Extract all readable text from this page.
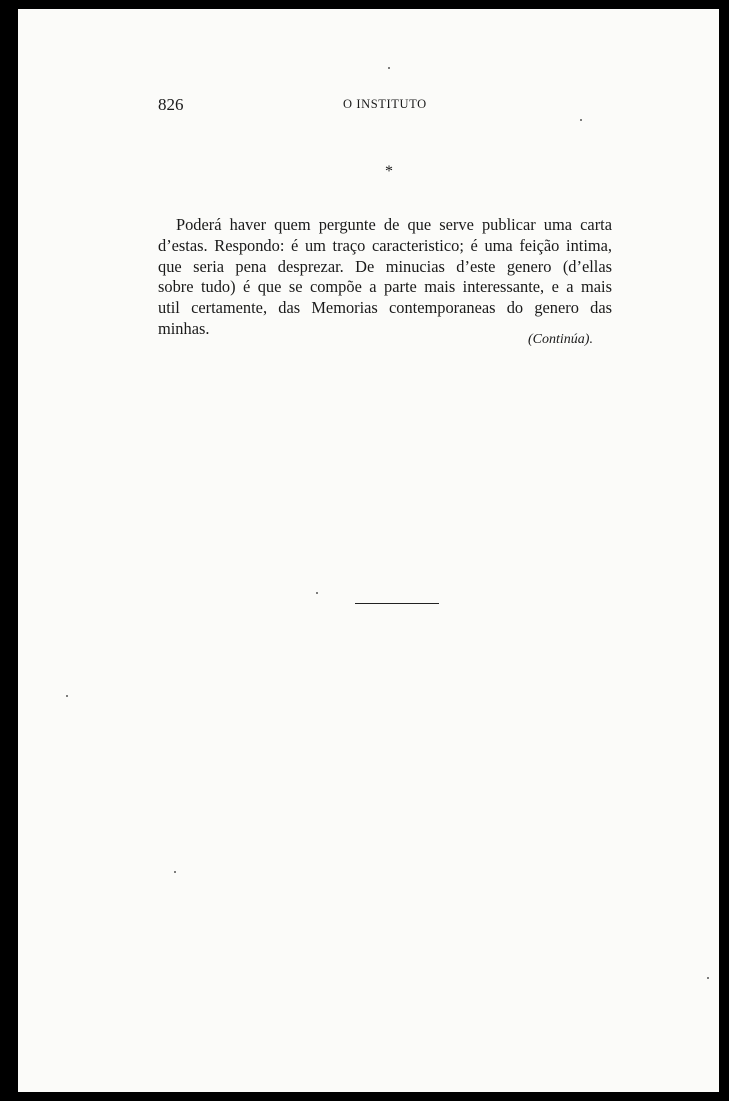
826	O INSTITUTO
*
Poderá haver quem pergunte de que serve publicar uma carta
d’estas. Respondo: é um traço caracteristico; é uma feição intima,
que seria pena desprezar. De minucias d’este genero (d’ellas
sobre tudo) é que se compõe a parte mais interessante, e a mais
util certamente, das Memorias contemporaneas do genero das
minhas.
(Continúa).
